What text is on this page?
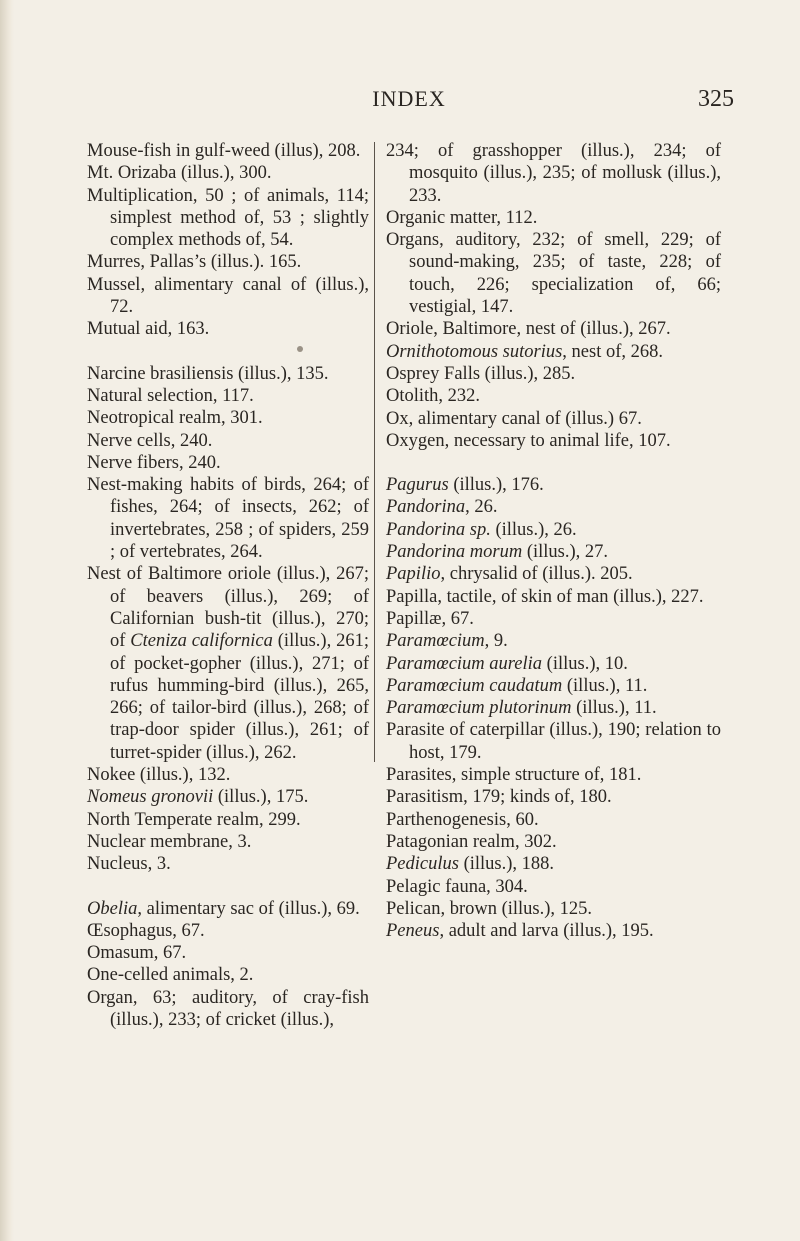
INDEX	325
Mouse-fish in gulf-weed (illus), 208.
Mt. Orizaba (illus.), 300.
Multiplication, 50 ; of animals, 114; simplest method of, 53 ; slightly complex methods of, 54.
Murres, Pallas’s (illus.). 165.
Mussel, alimentary canal of (illus.), 72.
Mutual aid, 163.
Narcine brasiliensis (illus.), 135.
Natural selection, 117.
Neotropical realm, 301.
Nerve cells, 240.
Nerve fibers, 240.
Nest-making habits of birds, 264; of fishes, 264; of insects, 262; of invertebrates, 258 ; of spiders, 259 ; of vertebrates, 264.
Nest of Baltimore oriole (illus.), 267; of beavers (illus.), 269; of Californian bush-tit (illus.), 270; of Cteniza californica (illus.), 261; of pocket-gopher (illus.), 271; of rufus humming-bird (illus.), 265, 266; of tailor-bird (illus.), 268; of trap-door spider (illus.), 261; of turret-spider (illus.), 262.
Nokee (illus.), 132.
Nomeus gronovii (illus.), 175.
North Temperate realm, 299.
Nuclear membrane, 3.
Nucleus, 3.
Obelia, alimentary sac of (illus.), 69.
Œsophagus, 67.
Omasum, 67.
One-celled animals, 2.
Organ, 63; auditory, of cray-fish (illus.), 233; of cricket (illus.),
234; of grasshopper (illus.), 234; of mosquito (illus.), 235; of mollusk (illus.), 233.
Organic matter, 112.
Organs, auditory, 232; of smell, 229; of sound-making, 235; of taste, 228; of touch, 226; specialization of, 66; vestigial, 147.
Oriole, Baltimore, nest of (illus.), 267.
Ornithotomous sutorius, nest of, 268.
Osprey Falls (illus.), 285.
Otolith, 232.
Ox, alimentary canal of (illus.) 67.
Oxygen, necessary to animal life, 107.
Pagurus (illus.), 176.
Pandorina, 26.
Pandorina sp. (illus.), 26.
Pandorina morum (illus.), 27.
Papilio, chrysalid of (illus.). 205.
Papilla, tactile, of skin of man (illus.), 227.
Papillæ, 67.
Paramœcium, 9.
Paramœcium aurelia (illus.), 10.
Paramœcium caudatum (illus.), 11.
Paramœcium plutorinum (illus.), 11.
Parasite of caterpillar (illus.), 190; relation to host, 179.
Parasites, simple structure of, 181.
Parasitism, 179; kinds of, 180.
Parthenogenesis, 60.
Patagonian realm, 302.
Pediculus (illus.), 188.
Pelagic fauna, 304.
Pelican, brown (illus.), 125.
Peneus, adult and larva (illus.), 195.
